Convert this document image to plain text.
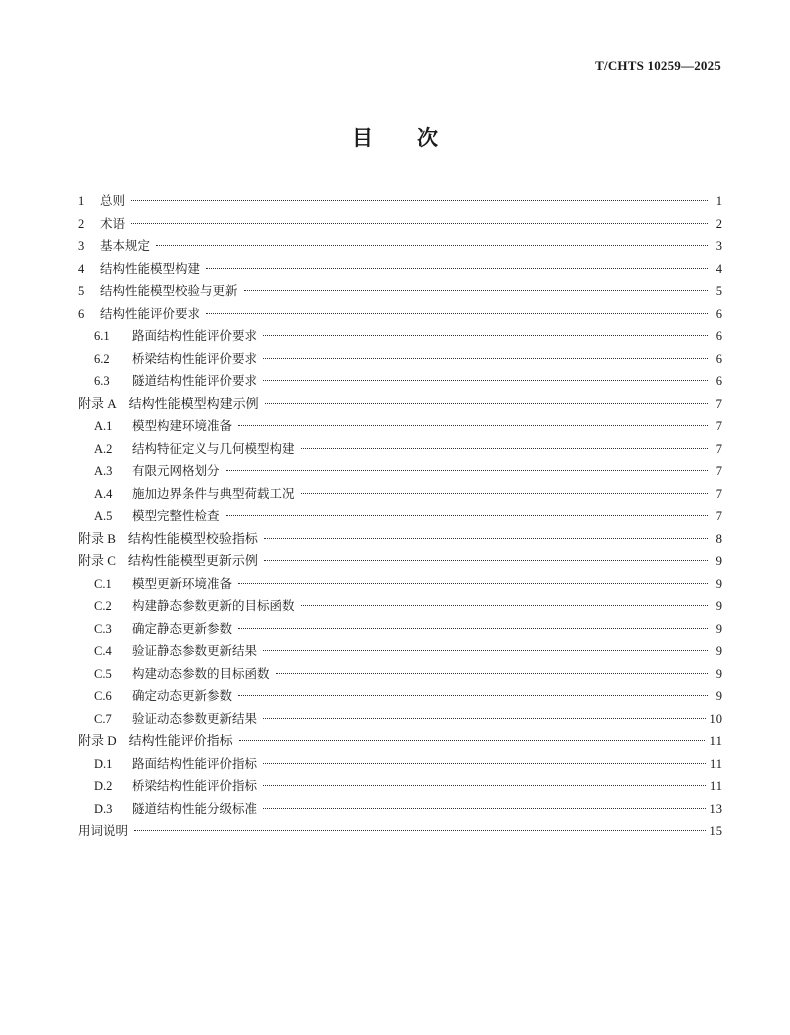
T/CHTS 10259—2025
目 次
1	总则	1
2	术语	2
3	基本规定	3
4	结构性能模型构建	4
5	结构性能模型校验与更新	5
6	结构性能评价要求	6
6.1	路面结构性能评价要求	6
6.2	桥梁结构性能评价要求	6
6.3	隧道结构性能评价要求	6
附录 A 结构性能模型构建示例	7
A.1	模型构建环境准备	7
A.2	结构特征定义与几何模型构建	7
A.3	有限元网格划分	7
A.4	施加边界条件与典型荷载工况	7
A.5	模型完整性检查	7
附录 B 结构性能模型校验指标	8
附录 C 结构性能模型更新示例	9
C.1	模型更新环境准备	9
C.2	构建静态参数更新的目标函数	9
C.3	确定静态更新参数	9
C.4	验证静态参数更新结果	9
C.5	构建动态参数的目标函数	9
C.6	确定动态更新参数	9
C.7	验证动态参数更新结果	10
附录 D 结构性能评价指标	11
D.1	路面结构性能评价指标	11
D.2	桥梁结构性能评价指标	11
D.3	隧道结构性能分级标准	13
用词说明	15
